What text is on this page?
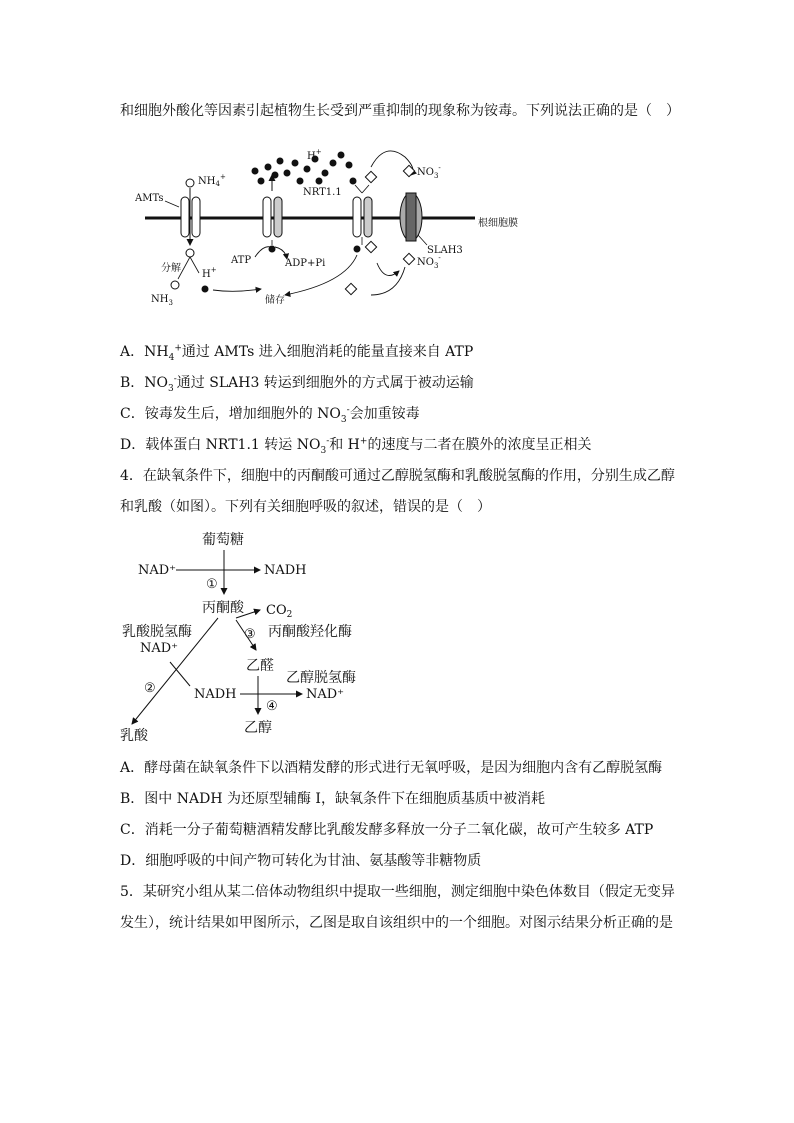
和细胞外酸化等因素引起植物生长受到严重抑制的现象称为铵毒。下列说法正确的是（　）
AMTs
$NH_4^+$
分解
$NH_3$
H+
ATP	ADP+Pi
H+
NRT1.1
储存
$NO_3^-$
SLAH3
$NO_3^-$
根细胞膜
A．$NH_4^+$通过 AMTs 进入细胞消耗的能量直接来自 ATP
B．$NO_3^-$通过 SLAH3 转运到细胞外的方式属于被动运输
C．铵毒发生后，增加细胞外的 $NO_3^-$会加重铵毒
D．载体蛋白 NRT1.1 转运 $NO_3^-$和 H+的速度与二者在膜外的浓度呈正相关
4．在缺氧条件下，细胞中的丙酮酸可通过乙醇脱氢酶和乳酸脱氢酶的作用，分别生成乙醇
和乳酸（如图）。下列有关细胞呼吸的叙述，错误的是（　）
葡萄糖
NAD⁺	NADH
①
丙酮酸 $CO_2$
乳酸脱氢酶	③ 丙酮酸羟化酶
NAD⁺
乙醛
乙醇脱氢酶
②	NADH	NAD⁺
④
乙醇
乳酸
A．酵母菌在缺氧条件下以酒精发酵的形式进行无氧呼吸，是因为细胞内含有乙醇脱氢酶
B．图中 NADH 为还原型辅酶 I，缺氧条件下在细胞质基质中被消耗
C．消耗一分子葡萄糖酒精发酵比乳酸发酵多释放一分子二氧化碳，故可产生较多 ATP
D．细胞呼吸的中间产物可转化为甘油、氨基酸等非糖物质
5．某研究小组从某二倍体动物组织中提取一些细胞，测定细胞中染色体数目（假定无变异
发生），统计结果如甲图所示，乙图是取自该组织中的一个细胞。对图示结果分析正确的是
